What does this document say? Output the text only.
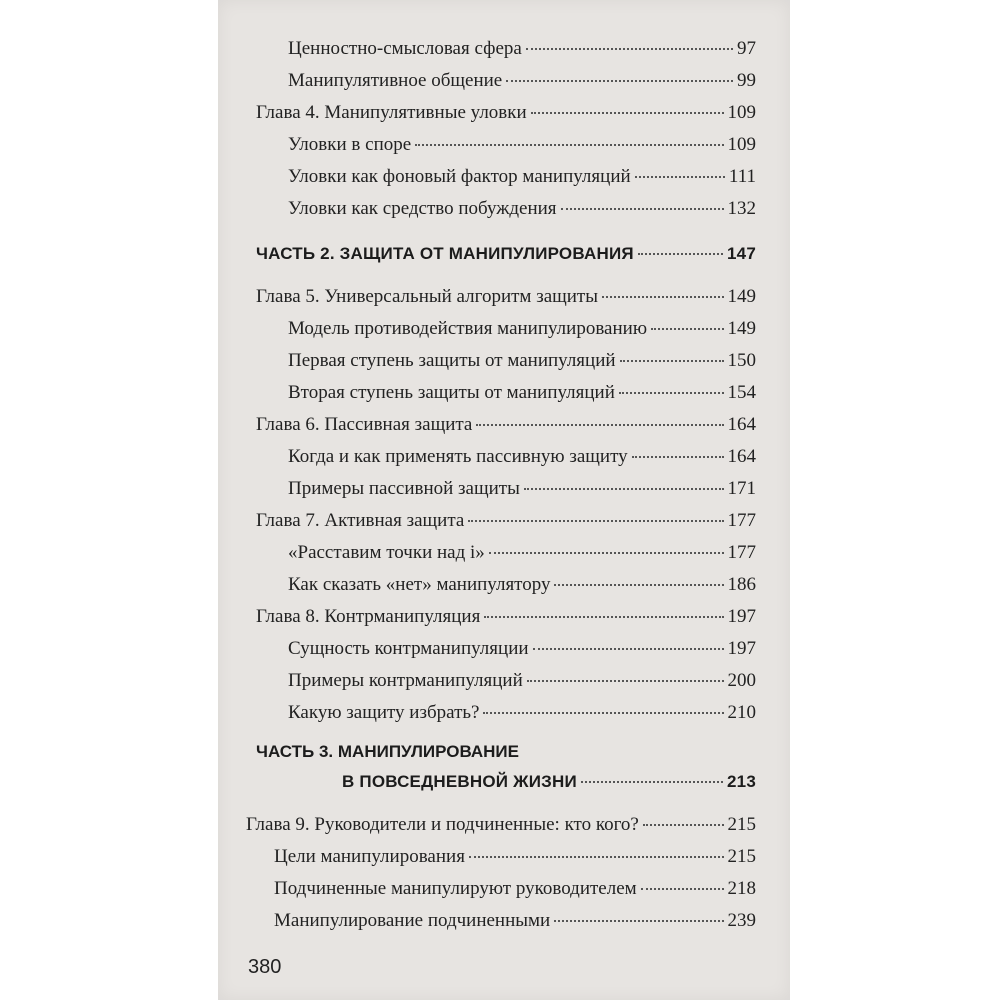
Ценностно-смысловая сфера	97
Манипулятивное общение	99
Глава 4. Манипулятивные уловки	109
Уловки в споре	109
Уловки как фоновый фактор манипуляций	111
Уловки как средство побуждения	132
ЧАСТЬ 2. ЗАЩИТА ОТ МАНИПУЛИРОВАНИЯ	147
Глава 5. Универсальный алгоритм защиты	149
Модель противодействия манипулированию	149
Первая ступень защиты от манипуляций	150
Вторая ступень защиты от манипуляций	154
Глава 6. Пассивная защита	164
Когда и как применять пассивную защиту	164
Примеры пассивной защиты	171
Глава 7. Активная защита	177
«Расставим точки над і»	177
Как сказать «нет» манипулятору	186
Глава 8. Контрманипуляция	197
Сущность контрманипуляции	197
Примеры контрманипуляций	200
Какую защиту избрать?	210
ЧАСТЬ 3. МАНИПУЛИРОВАНИЕ
В ПОВСЕДНЕВНОЙ ЖИЗНИ	213
Глава 9. Руководители и подчиненные: кто кого?	215
Цели манипулирования	215
Подчиненные манипулируют руководителем	218
Манипулирование подчиненными	239
380
